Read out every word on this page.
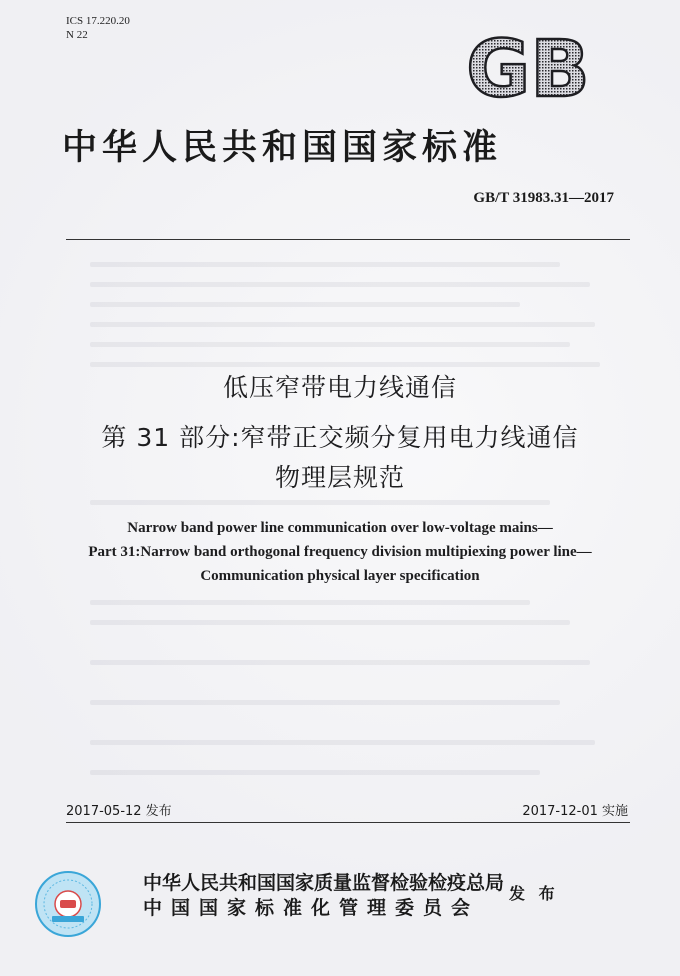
ICS 17.220.20
N 22	GB
中华人民共和国国家标准
GB/T 31983.31—2017
低压窄带电力线通信
第 31 部分:窄带正交频分复用电力线通信
物理层规范
Narrow band power line communication over low-voltage mains—
Part 31:Narrow band orthogonal frequency division multipiexing power line—
Communication physical layer specification
2017-05-12 发布	2017-12-01 实施
中华人民共和国国家质量监督检验检疫总局
中国国家标准化管理委员会
发 布
